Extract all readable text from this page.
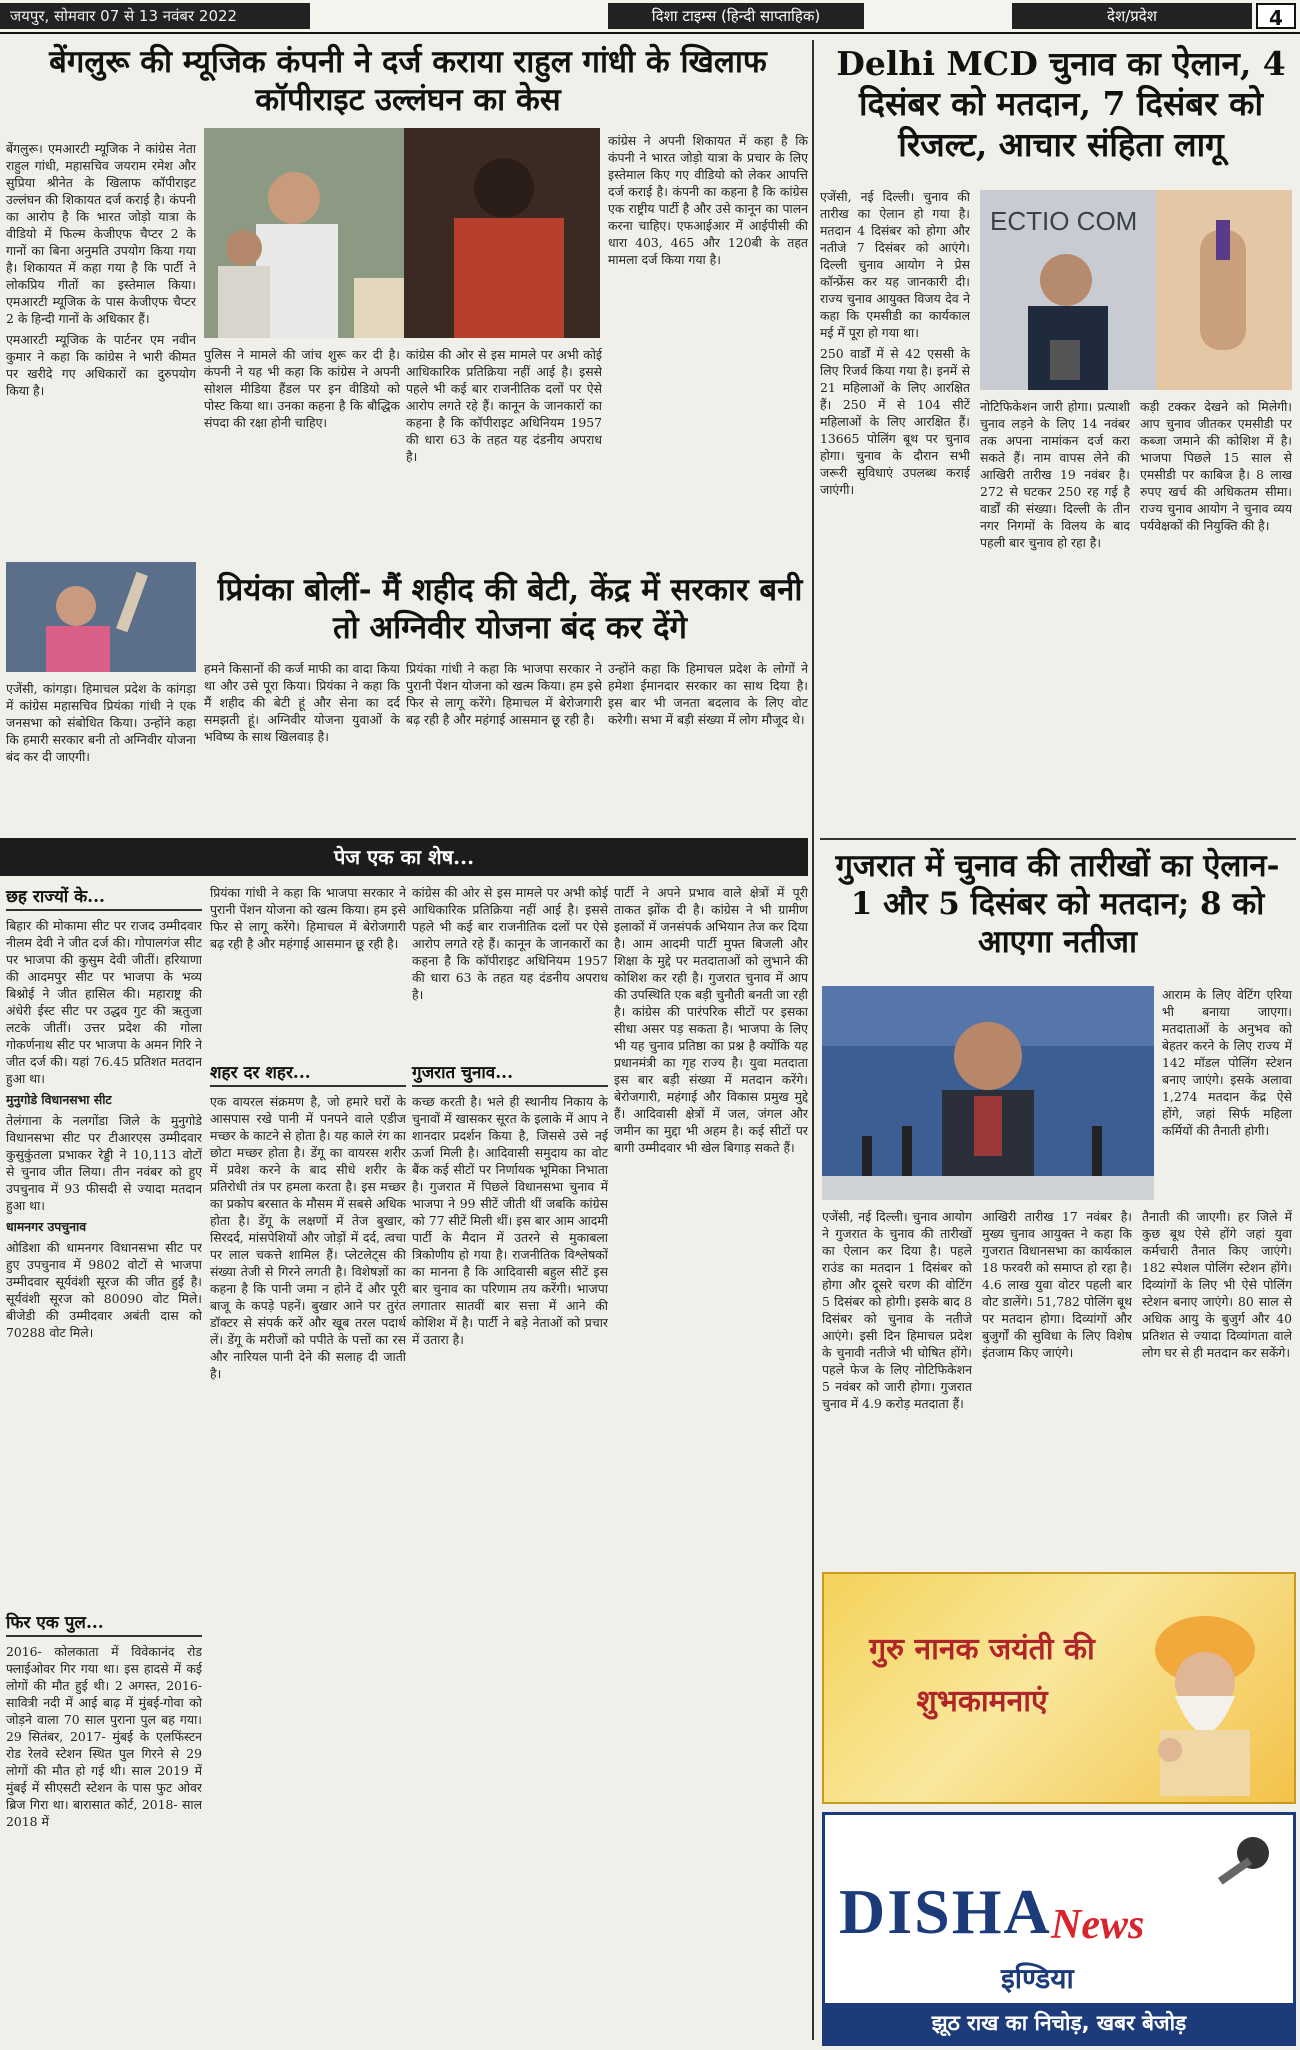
जयपुर, सोमवार 07 से 13 नवंबर 2022	दिशा टाइम्स (हिन्दी साप्ताहिक)	देश/प्रदेश	4
बेंगलुरू की म्यूजिक कंपनी ने दर्ज कराया राहुल गांधी के खिलाफ कॉपीराइट उल्लंघन का केस

बेंगलुरू। एमआरटी म्यूजिक ने कांग्रेस नेता राहुल गांधी, महासचिव जयराम रमेश और सुप्रिया श्रीनेत के खिलाफ कॉपीराइट उल्लंघन की शिकायत दर्ज कराई है। कंपनी का आरोप है कि भारत जोड़ो यात्रा के वीडियो में फिल्म केजीएफ चैप्टर 2 के गानों का बिना अनुमति उपयोग किया गया है। शिकायत में कहा गया है कि पार्टी ने लोकप्रिय गीतों का इस्तेमाल किया। एमआरटी म्यूजिक के पास केजीएफ चैप्टर 2 के हिन्दी गानों के अधिकार हैं।

एमआरटी म्यूजिक के पार्टनर एम नवीन कुमार ने कहा कि कांग्रेस ने भारी कीमत पर खरीदे गए अधिकारों का दुरुपयोग किया है।

कांग्रेस ने अपनी शिकायत में कहा है कि कंपनी ने भारत जोड़ो यात्रा के प्रचार के लिए इस्तेमाल किए गए वीडियो को लेकर आपत्ति दर्ज कराई है। कंपनी का कहना है कि कांग्रेस एक राष्ट्रीय पार्टी है और उसे कानून का पालन करना चाहिए। एफआईआर में आईपीसी की धारा 403, 465 और 120बी के तहत मामला दर्ज किया गया है।

पुलिस ने मामले की जांच शुरू कर दी है। कंपनी ने यह भी कहा कि कांग्रेस ने अपनी सोशल मीडिया हैंडल पर इन वीडियो को पोस्ट किया था। उनका कहना है कि बौद्धिक संपदा की रक्षा होनी चाहिए।

कांग्रेस की ओर से इस मामले पर अभी कोई आधिकारिक प्रतिक्रिया नहीं आई है। इससे पहले भी कई बार राजनीतिक दलों पर ऐसे आरोप लगते रहे हैं। कानून के जानकारों का कहना है कि कॉपीराइट अधिनियम 1957 की धारा 63 के तहत यह दंडनीय अपराध है।

प्रियंका बोलीं- मैं शहीद की बेटी, केंद्र में सरकार बनी तो अग्निवीर योजना बंद कर देंगे

एजेंसी, कांगड़ा। हिमाचल प्रदेश के कांगड़ा में कांग्रेस महासचिव प्रियंका गांधी ने एक जनसभा को संबोधित किया। उन्होंने कहा कि हमारी सरकार बनी तो अग्निवीर योजना बंद कर दी जाएगी।

हमने किसानों की कर्ज माफी का वादा किया था और उसे पूरा किया। प्रियंका ने कहा कि मैं शहीद की बेटी हूं और सेना का दर्द समझती हूं। अग्निवीर योजना युवाओं के भविष्य के साथ खिलवाड़ है।

प्रियंका गांधी ने कहा कि भाजपा सरकार ने पुरानी पेंशन योजना को खत्म किया। हम इसे फिर से लागू करेंगे। हिमाचल में बेरोजगारी बढ़ रही है और महंगाई आसमान छू रही है।

उन्होंने कहा कि हिमाचल प्रदेश के लोगों ने हमेशा ईमानदार सरकार का साथ दिया है। इस बार भी जनता बदलाव के लिए वोट करेगी। सभा में बड़ी संख्या में लोग मौजूद थे।

पेज एक का शेष...
छह राज्यों के...

बिहार की मोकामा सीट पर राजद उम्मीदवार नीलम देवी ने जीत दर्ज की। गोपालगंज सीट पर भाजपा की कुसुम देवी जीतीं। हरियाणा की आदमपुर सीट पर भाजपा के भव्य बिश्नोई ने जीत हासिल की। महाराष्ट्र की अंधेरी ईस्ट सीट पर उद्धव गुट की ऋतुजा लटके जीतीं। उत्तर प्रदेश की गोला गोकर्णनाथ सीट पर भाजपा के अमन गिरि ने जीत दर्ज की। यहां 76.45 प्रतिशत मतदान हुआ था।

मुनुगोडे विधानसभा सीट

तेलंगाना के नलगोंडा जिले के मुनुगोडे विधानसभा सीट पर टीआरएस उम्मीदवार कुसुकुंतला प्रभाकर रेड्डी ने 10,113 वोटों से चुनाव जीत लिया। तीन नवंबर को हुए उपचुनाव में 93 फीसदी से ज्यादा मतदान हुआ था।

धामनगर उपचुनाव

ओडिशा की धामनगर विधानसभा सीट पर हुए उपचुनाव में 9802 वोटों से भाजपा उम्मीदवार सूर्यवंशी सूरज की जीत हुई है। सूर्यवंशी सूरज को 80090 वोट मिले। बीजेडी की उम्मीदवार अबंती दास को 70288 वोट मिले।

फिर एक पुल...

2016- कोलकाता में विवेकानंद रोड फ्लाईओवर गिर गया था। इस हादसे में कई लोगों की मौत हुई थी। 2 अगस्त, 2016- सावित्री नदी में आई बाढ़ में मुंबई-गोवा को जोड़ने वाला 70 साल पुराना पुल बह गया। 29 सितंबर, 2017- मुंबई के एलफिंस्टन रोड रेलवे स्टेशन स्थित पुल गिरने से 29 लोगों की मौत हो गई थी। साल 2019 में मुंबई में सीएसटी स्टेशन के पास फुट ओवर ब्रिज गिरा था। बारासात कोर्ट, 2018- साल 2018 में

शहर दर शहर...

एक वायरल संक्रमण है, जो हमारे घरों के आसपास रखे पानी में पनपने वाले एडीज मच्छर के काटने से होता है। यह काले रंग का छोटा मच्छर होता है। डेंगू का वायरस शरीर में प्रवेश करने के बाद सीधे शरीर के प्रतिरोधी तंत्र पर हमला करता है। इस मच्छर का प्रकोप बरसात के मौसम में सबसे अधिक होता है। डेंगू के लक्षणों में तेज बुखार, सिरदर्द, मांसपेशियों और जोड़ों में दर्द, त्वचा पर लाल चकत्ते शामिल हैं। प्लेटलेट्स की संख्या तेजी से गिरने लगती है। विशेषज्ञों का कहना है कि पानी जमा न होने दें और पूरी बाजू के कपड़े पहनें। बुखार आने पर तुरंत डॉक्टर से संपर्क करें और खूब तरल पदार्थ लें। डेंगू के मरीजों को पपीते के पत्तों का रस और नारियल पानी देने की सलाह दी जाती है।

प्रियंका गांधी ने कहा कि भाजपा सरकार ने पुरानी पेंशन योजना को खत्म किया। हम इसे फिर से लागू करेंगे। हिमाचल में बेरोजगारी बढ़ रही है और महंगाई आसमान छू रही है।

गुजरात चुनाव...

कच्छ करती है। भले ही स्थानीय निकाय के चुनावों में खासकर सूरत के इलाके में आप ने शानदार प्रदर्शन किया है, जिससे उसे नई ऊर्जा मिली है। आदिवासी समुदाय का वोट बैंक कई सीटों पर निर्णायक भूमिका निभाता है। गुजरात में पिछले विधानसभा चुनाव में भाजपा ने 99 सीटें जीती थीं जबकि कांग्रेस को 77 सीटें मिली थीं। इस बार आम आदमी पार्टी के मैदान में उतरने से मुकाबला त्रिकोणीय हो गया है। राजनीतिक विश्लेषकों का मानना है कि आदिवासी बहुल सीटें इस बार चुनाव का परिणाम तय करेंगी। भाजपा लगातार सातवीं बार सत्ता में आने की कोशिश में है। पार्टी ने बड़े नेताओं को प्रचार में उतारा है।

कांग्रेस की ओर से इस मामले पर अभी कोई आधिकारिक प्रतिक्रिया नहीं आई है। इससे पहले भी कई बार राजनीतिक दलों पर ऐसे आरोप लगते रहे हैं। कानून के जानकारों का कहना है कि कॉपीराइट अधिनियम 1957 की धारा 63 के तहत यह दंडनीय अपराध है।

पार्टी ने अपने प्रभाव वाले क्षेत्रों में पूरी ताकत झोंक दी है। कांग्रेस ने भी ग्रामीण इलाकों में जनसंपर्क अभियान तेज कर दिया है। आम आदमी पार्टी मुफ्त बिजली और शिक्षा के मुद्दे पर मतदाताओं को लुभाने की कोशिश कर रही है। गुजरात चुनाव में आप की उपस्थिति एक बड़ी चुनौती बनती जा रही है। कांग्रेस की पारंपरिक सीटों पर इसका सीधा असर पड़ सकता है। भाजपा के लिए भी यह चुनाव प्रतिष्ठा का प्रश्न है क्योंकि यह प्रधानमंत्री का गृह राज्य है। युवा मतदाता इस बार बड़ी संख्या में मतदान करेंगे। बेरोजगारी, महंगाई और विकास प्रमुख मुद्दे हैं। आदिवासी क्षेत्रों में जल, जंगल और जमीन का मुद्दा भी अहम है। कई सीटों पर बागी उम्मीदवार भी खेल बिगाड़ सकते हैं।

Delhi MCD चुनाव का ऐलान, 4 दिसंबर को मतदान, 7 दिसंबर को रिजल्ट, आचार संहिता लागू

एजेंसी, नई दिल्ली। चुनाव की तारीख का ऐलान हो गया है। मतदान 4 दिसंबर को होगा और नतीजे 7 दिसंबर को आएंगे। दिल्ली चुनाव आयोग ने प्रेस कॉन्फ्रेंस कर यह जानकारी दी। राज्य चुनाव आयुक्त विजय देव ने कहा कि एमसीडी का कार्यकाल मई में पूरा हो गया था।

250 वार्डों में से 42 एससी के लिए रिजर्व किया गया है। इनमें से 21 महिलाओं के लिए आरक्षित हैं। 250 में से 104 सीटें महिलाओं के लिए आरक्षित हैं। 13665 पोलिंग बूथ पर चुनाव होगा। चुनाव के दौरान सभी जरूरी सुविधाएं उपलब्ध कराई जाएंगी।

ECTIO COM

नोटिफिकेशन जारी होगा। प्रत्याशी चुनाव लड़ने के लिए 14 नवंबर तक अपना नामांकन दर्ज करा सकते हैं। नाम वापस लेने की आखिरी तारीख 19 नवंबर है। 272 से घटकर 250 रह गई है वार्डों की संख्या। दिल्ली के तीन नगर निगमों के विलय के बाद पहली बार चुनाव हो रहा है।

कड़ी टक्कर देखने को मिलेगी। आप चुनाव जीतकर एमसीडी पर कब्जा जमाने की कोशिश में है। भाजपा पिछले 15 साल से एमसीडी पर काबिज है। 8 लाख रुपए खर्च की अधिकतम सीमा। राज्य चुनाव आयोग ने चुनाव व्यय पर्यवेक्षकों की नियुक्ति की है।

गुजरात में चुनाव की तारीखों का ऐलान- 1 और 5 दिसंबर को मतदान; 8 को आएगा नतीजा

आराम के लिए वेटिंग एरिया भी बनाया जाएगा। मतदाताओं के अनुभव को बेहतर करने के लिए राज्य में 142 मॉडल पोलिंग स्टेशन बनाए जाएंगे। इसके अलावा 1,274 मतदान केंद्र ऐसे होंगे, जहां सिर्फ महिला कर्मियों की तैनाती होगी।

एजेंसी, नई दिल्ली। चुनाव आयोग ने गुजरात के चुनाव की तारीखों का ऐलान कर दिया है। पहले राउंड का मतदान 1 दिसंबर को होगा और दूसरे चरण की वोटिंग 5 दिसंबर को होगी। इसके बाद 8 दिसंबर को चुनाव के नतीजे आएंगे। इसी दिन हिमाचल प्रदेश के चुनावी नतीजे भी घोषित होंगे। पहले फेज के लिए नोटिफिकेशन 5 नवंबर को जारी होगा। गुजरात चुनाव में 4.9 करोड़ मतदाता हैं।

आखिरी तारीख 17 नवंबर है। मुख्य चुनाव आयुक्त ने कहा कि गुजरात विधानसभा का कार्यकाल 18 फरवरी को समाप्त हो रहा है। 4.6 लाख युवा वोटर पहली बार वोट डालेंगे। 51,782 पोलिंग बूथ पर मतदान होगा। दिव्यांगों और बुजुर्गों की सुविधा के लिए विशेष इंतजाम किए जाएंगे।

तैनाती की जाएगी। हर जिले में कुछ बूथ ऐसे होंगे जहां युवा कर्मचारी तैनात किए जाएंगे। 182 स्पेशल पोलिंग स्टेशन होंगे। दिव्यांगों के लिए भी ऐसे पोलिंग स्टेशन बनाए जाएंगे। 80 साल से अधिक आयु के बुजुर्ग और 40 प्रतिशत से ज्यादा दिव्यांगता वाले लोग घर से ही मतदान कर सकेंगे।

गुरु नानक जयंती की शुभकामनाएं
DISHA News
इण्डिया
झूठ राख का निचोड़, खबर बेजोड़
